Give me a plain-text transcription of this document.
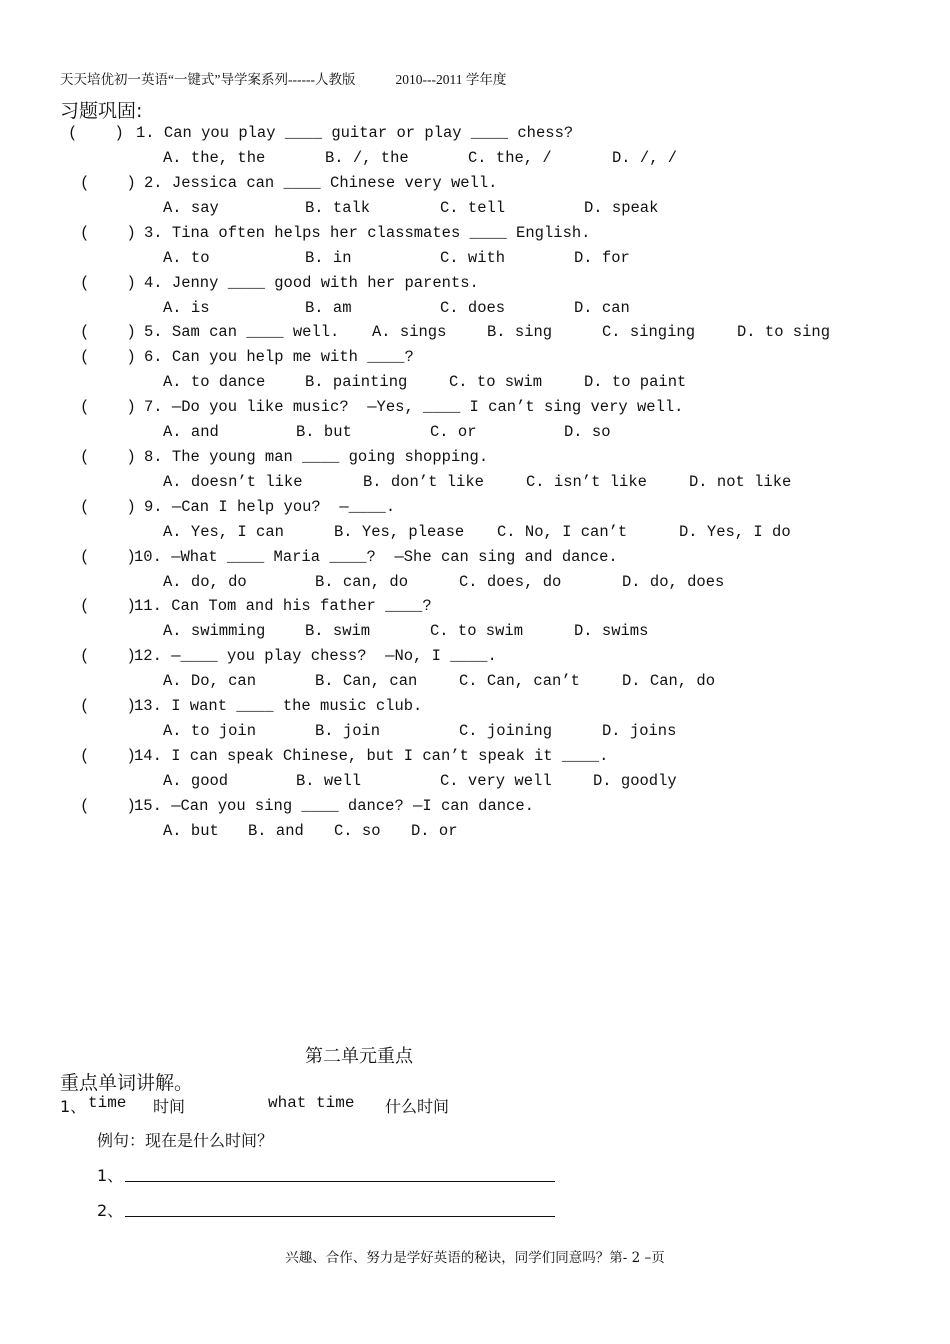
天天培优初一英语“一键式”导学案系列------人教版	2010---2011 学年度
习题巩固:
(    ) 1. Can you play ____ guitar or play ____ chess?
A. the, the	B. /, the	C. the, /	D. /, /
(    ) 2. Jessica can ____ Chinese very well.
A. say	B. talk	C. tell	D. speak
(    ) 3. Tina often helps her classmates ____ English.
A. to	B. in	C. with	D. for
(    ) 4. Jenny ____ good with her parents.
A. is	B. am	C. does	D. can
(    ) 5. Sam can ____ well. A. sings	B. sing	C. singing	D. to sing
(    ) 6. Can you help me with ____?
A. to dance	B. painting	C. to swim	D. to paint
(    ) 7. —Do you like music?  —Yes, ____ I can’t sing very well.
A. and	B. but	C. or	D. so
(    ) 8. The young man ____ going shopping.
A. doesn’t like	B. don’t like	C. isn’t like	D. not like
(    ) 9. —Can I help you?  —____.
A. Yes, I can	B. Yes, please C. No, I can’t	D. Yes, I do
(    )
10. —What ____ Maria ____?  —She can sing and dance.
A. do, do	B. can, do	C. does, do	D. do, does
(    )
11. Can Tom and his father ____?
A. swimming	B. swim	C. to swim	D. swims
(    )
12. —____ you play chess?  —No, I ____.
A. Do, can	B. Can, can	C. Can, can’t	D. Can, do
(    )
13. I want ____ the music club.
A. to join	B. join	C. joining	D. joins
(    )
14. I can speak Chinese, but I can’t speak it ____.
A. good	B. well	C. very well	D. goodly
(    )
15. —Can you sing ____ dance? —I can dance.
A. but B. and C. so D. or
第二单元重点
重点单词讲解。
1、 time 时间	what time 什么时间
例句：现在是什么时间？
1、
2、
兴趣、合作、努力是学好英语的秘诀，同学们同意吗？第- 2 –页
